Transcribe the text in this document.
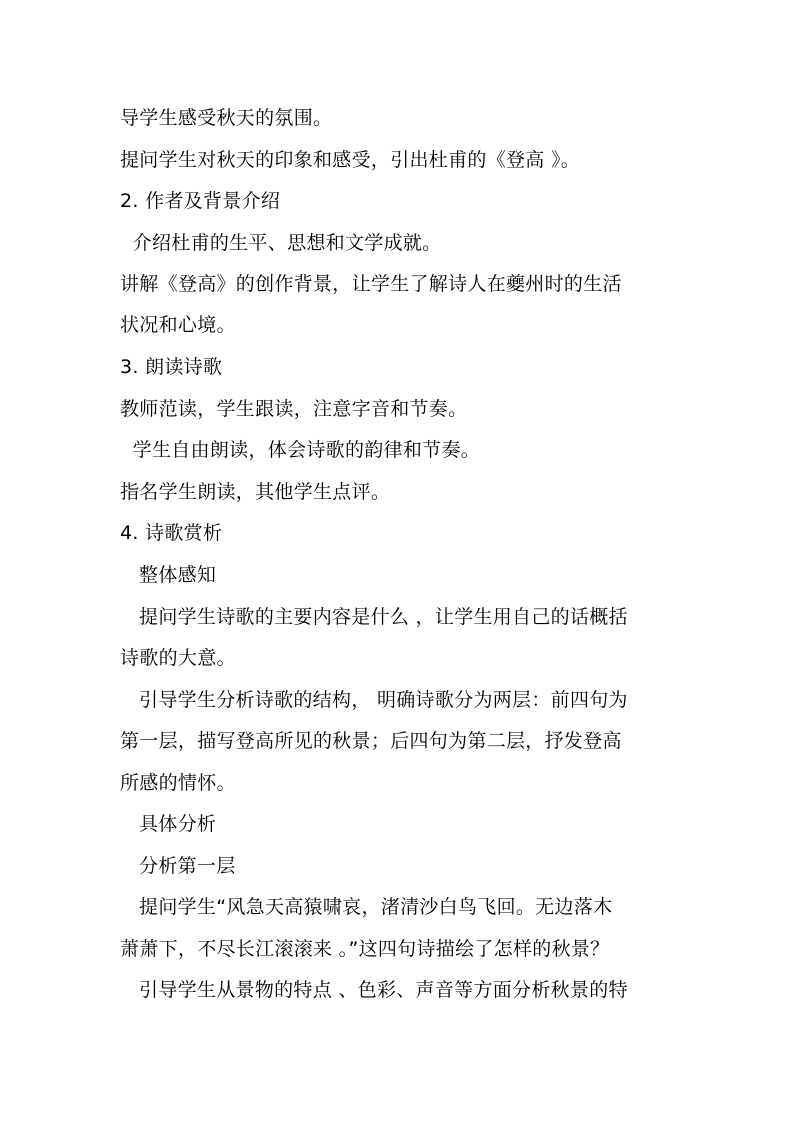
导学生感受秋天的氛围。
提问学生对秋天的印象和感受，引出杜甫的《登高 》。
2. 作者及背景介绍
介绍杜甫的生平、思想和文学成就。
讲解《登高》的创作背景，让学生了解诗人在夔州时的生活
状况和心境。
3. 朗读诗歌
教师范读，学生跟读，注意字音和节奏。
学生自由朗读，体会诗歌的韵律和节奏。
指名学生朗读，其他学生点评。
4. 诗歌赏析
整体感知
提问学生诗歌的主要内容是什么 ，让学生用自己的话概括
诗歌的大意。
引导学生分析诗歌的结构， 明确诗歌分为两层：前四句为
第一层，描写登高所见的秋景；后四句为第二层，抒发登高
所感的情怀。
具体分析
分析第一层
提问学生“风急天高猿啸哀，渚清沙白鸟飞回。无边落木
萧萧下，不尽长江滚滚来 。”这四句诗描绘了怎样的秋景？
引导学生从景物的特点 、色彩、声音等方面分析秋景的特
